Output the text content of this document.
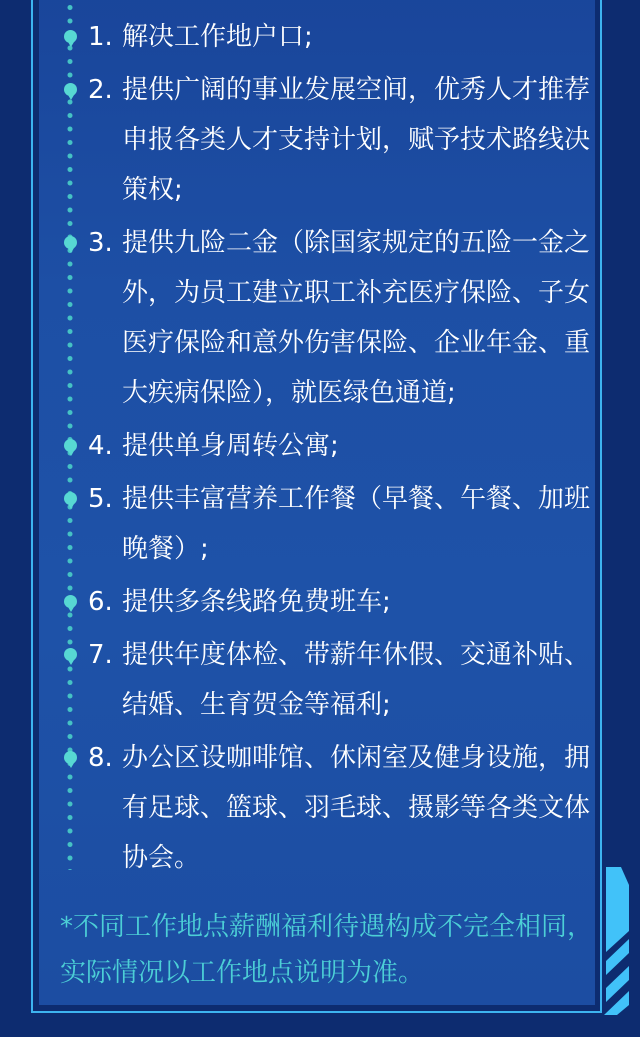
1. 解决工作地户口;
2. 提供广阔的事业发展空间，优秀人才推荐申报各类人才支持计划，赋予技术路线决策权;
3. 提供九险二金（除国家规定的五险一金之外，为员工建立职工补充医疗保险、子女医疗保险和意外伤害保险、企业年金、重大疾病保险），就医绿色通道;
4. 提供单身周转公寓;
5. 提供丰富营养工作餐（早餐、午餐、加班晚餐）;
6. 提供多条线路免费班车;
7. 提供年度体检、带薪年休假、交通补贴、结婚、生育贺金等福利;
8. 办公区设咖啡馆、休闲室及健身设施，拥有足球、篮球、羽毛球、摄影等各类文体协会。
*不同工作地点薪酬福利待遇构成不完全相同，
实际情况以工作地点说明为准。
